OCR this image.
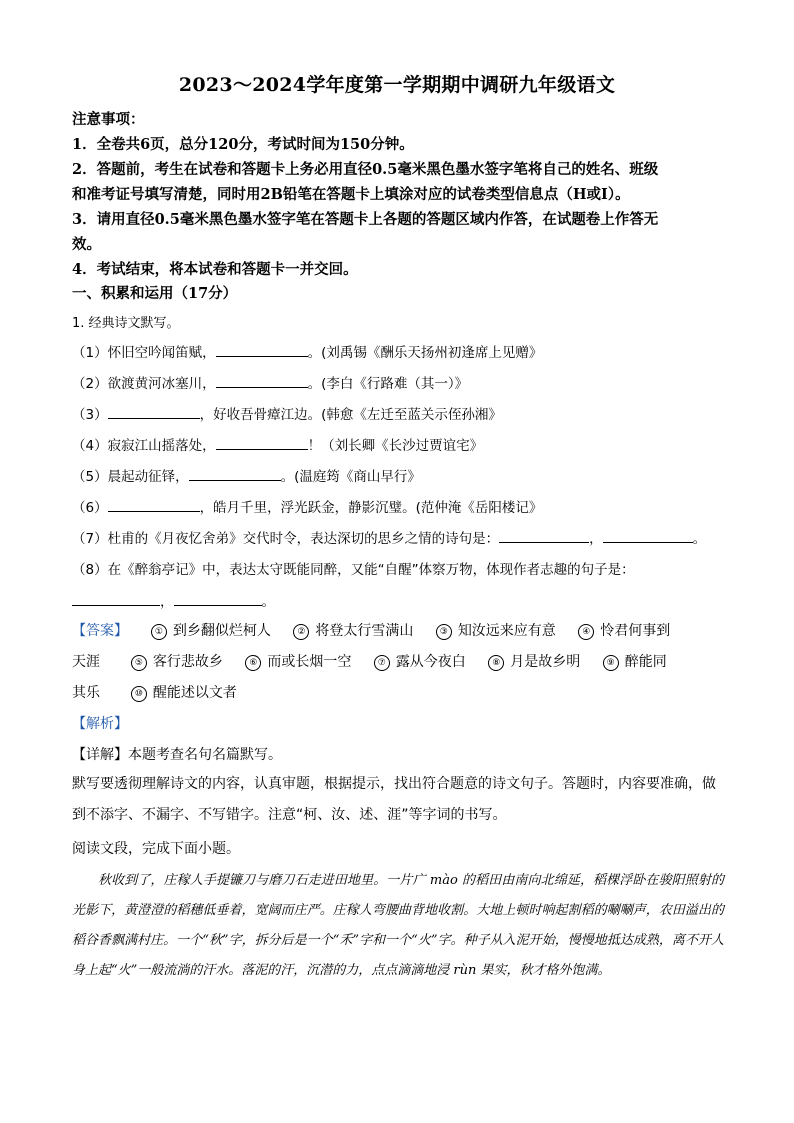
2023～2024学年度第一学期期中调研九年级语文
注意事项：
1．全卷共6页，总分120分，考试时间为150分钟。
2．答题前，考生在试卷和答题卡上务必用直径0.5毫米黑色墨水签字笔将自己的姓名、班级
和准考证号填写清楚，同时用2B铅笔在答题卡上填涂对应的试卷类型信息点（H或I）。
3．请用直径0.5毫米黑色墨水签字笔在答题卡上各题的答题区域内作答，在试题卷上作答无
效。
4．考试结束，将本试卷和答题卡一并交回。
一、积累和运用（17分）
1. 经典诗文默写。
（1）怀旧空吟闻笛赋，	。(刘禹锡《酬乐天扬州初逢席上见赠》
（2）欲渡黄河冰塞川，	。(李白《行路难（其一）》
（3）	，好收吾骨瘴江边。(韩愈《左迁至蓝关示侄孙湘》
（4）寂寂江山摇落处，	！（刘长卿《长沙过贾谊宅》
（5）晨起动征铎，	。(温庭筠《商山早行》
（6）	，皓月千里，浮光跃金，静影沉璧。(范仲淹《岳阳楼记》
（7）杜甫的《月夜忆舍弟》交代时令，表达深切的思乡之情的诗句是：	，	。
（8）在《醉翁亭记》中，表达太守既能同醉，又能“自醒”体察万物，体现作者志趣的句子是：
，	。
【答案】	① 到乡翻似烂柯人	② 将登太行雪满山	③ 知汝远来应有意	④ 怜君何事到
天涯	⑤ 客行悲故乡	⑥ 而或长烟一空	⑦ 露从今夜白	⑧ 月是故乡明	⑨ 醉能同
其乐	⑩ 醒能述以文者
【解析】
【详解】本题考查名句名篇默写。
默写要透彻理解诗文的内容，认真审题，根据提示，找出符合题意的诗文句子。答题时，内容要准确，做到不添字、不漏字、不写错字。注意“柯、汝、述、涯”等字词的书写。
阅读文段，完成下面小题。
秋收到了，庄稼人手提镰刀与磨刀石走进田地里。一片广 mào 的稻田由南向北绵延，稻棵浮卧在骏阳照射的光影下，黄澄澄的稻穗低垂着，宽阔而庄严。庄稼人弯腰曲背地收割。大地上顿时响起割稻的唰唰声，农田溢出的稻谷香飘满村庄。一个“秋”字，拆分后是一个“禾”字和一个“火”字。种子从入泥开始，慢慢地抵达成熟，离不开人身上起“火”一般流淌的汗水。落泥的汗，沉潜的力，点点滴滴地浸 rùn 果实，秋才格外饱满。
